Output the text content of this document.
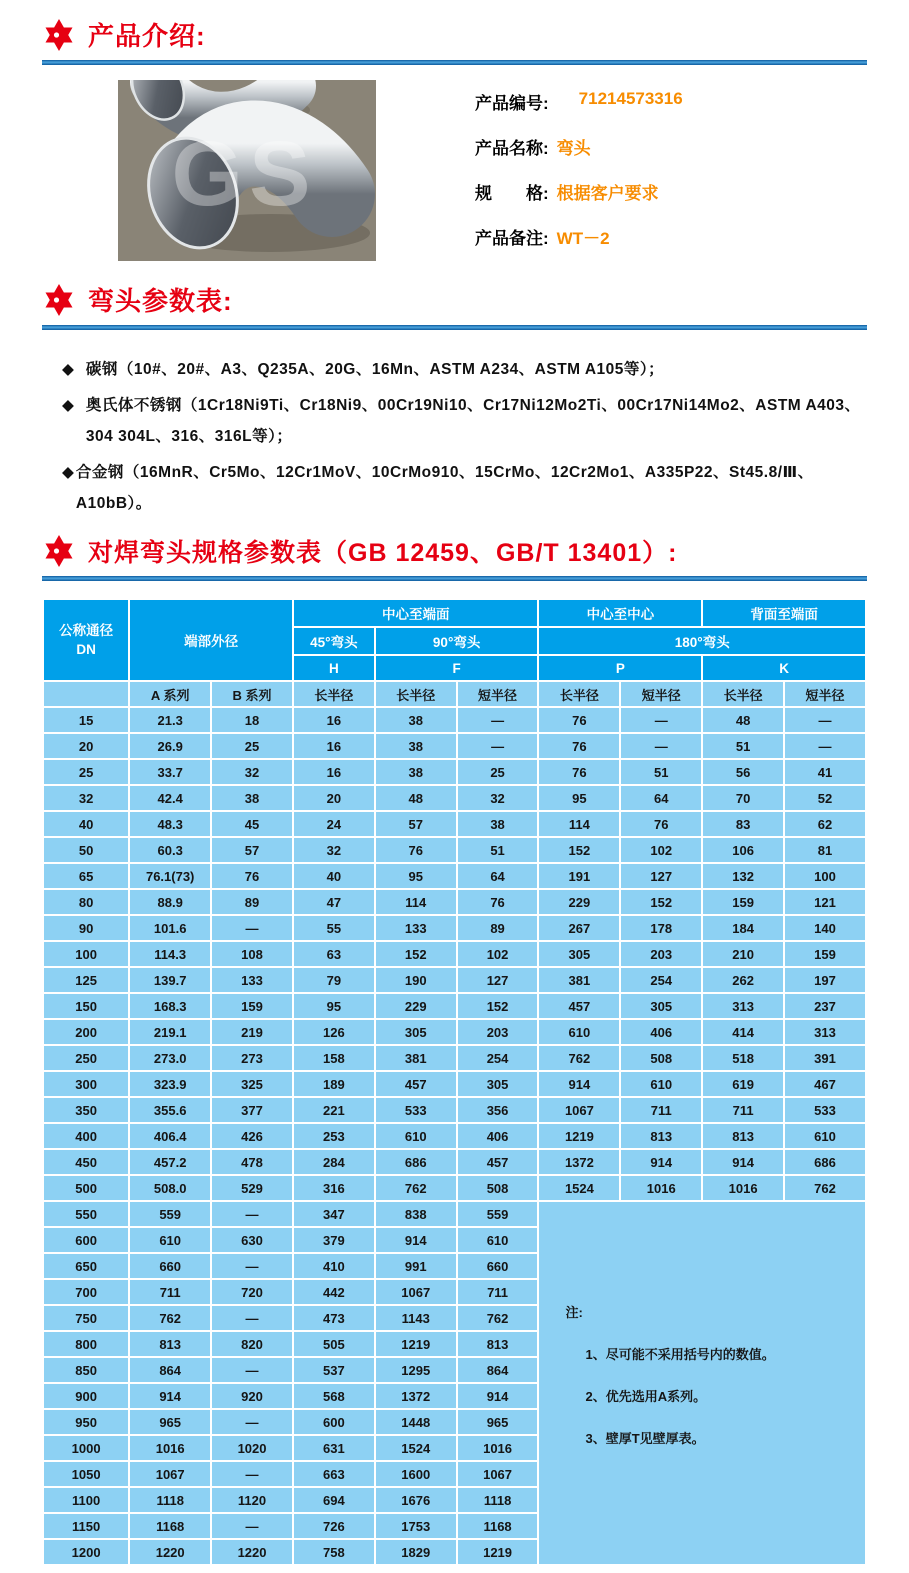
产品介绍:
GS
产品编号: 71214573316
产品名称: 弯头
规　　格: 根据客户要求
产品备注: WT－2
弯头参数表:
◆ 碳钢（10#、20#、A3、Q235A、20G、16Mn、ASTM A234、ASTM A105等）；
◆ 奥氏体不锈钢（1Cr18Ni9Ti、Cr18Ni9、00Cr19Ni10、Cr17Ni12Mo2Ti、00Cr17Ni14Mo2、ASTM A403、304 304L、316、316L等）；
◆ 合金钢（16MnR、Cr5Mo、12Cr1MoV、10CrMo910、15CrMo、12Cr2Mo1、A335P22、St45.8/Ⅲ、A10bB）。
对焊弯头规格参数表（GB 12459、GB/T 13401）:
公称通径
DN	端部外径		中心至端面			中心至中心		背面至端面	
			45°弯头	90°弯头		180°弯头			
			H	F		P		K	
	A 系列	B 系列	长半径	长半径	短半径	长半径	短半径	长半径	短半径
15	21.3	18	16	38	—	76	—	48	—
20	26.9	25	16	38	—	76	—	51	—
25	33.7	32	16	38	25	76	51	56	41
32	42.4	38	20	48	32	95	64	70	52
40	48.3	45	24	57	38	114	76	83	62
50	60.3	57	32	76	51	152	102	106	81
65	76.1(73)	76	40	95	64	191	127	132	100
80	88.9	89	47	114	76	229	152	159	121
90	101.6	—	55	133	89	267	178	184	140
100	114.3	108	63	152	102	305	203	210	159
125	139.7	133	79	190	127	381	254	262	197
150	168.3	159	95	229	152	457	305	313	237
200	219.1	219	126	305	203	610	406	414	313
250	273.0	273	158	381	254	762	508	518	391
300	323.9	325	189	457	305	914	610	619	467
350	355.6	377	221	533	356	1067	711	711	533
400	406.4	426	253	610	406	1219	813	813	610
450	457.2	478	284	686	457	1372	914	914	686
500	508.0	529	316	762	508	1524	1016	1016	762
550	559	—	347	838	559	注:
1、尽可能不采用括号内的数值。
2、优先选用A系列。
3、壁厚T见壁厚表。			

600	610	630	379	914	610				
650	660	—	410	991	660				
700	711	720	442	1067	711				
750	762	—	473	1143	762				
800	813	820	505	1219	813				
850	864	—	537	1295	864				
900	914	920	568	1372	914				
950	965	—	600	1448	965				
1000	1016	1020	631	1524	1016				
1050	1067	—	663	1600	1067				
1100	1118	1120	694	1676	1118				
1150	1168	—	726	1753	1168				
1200	1220	1220	758	1829	1219				
